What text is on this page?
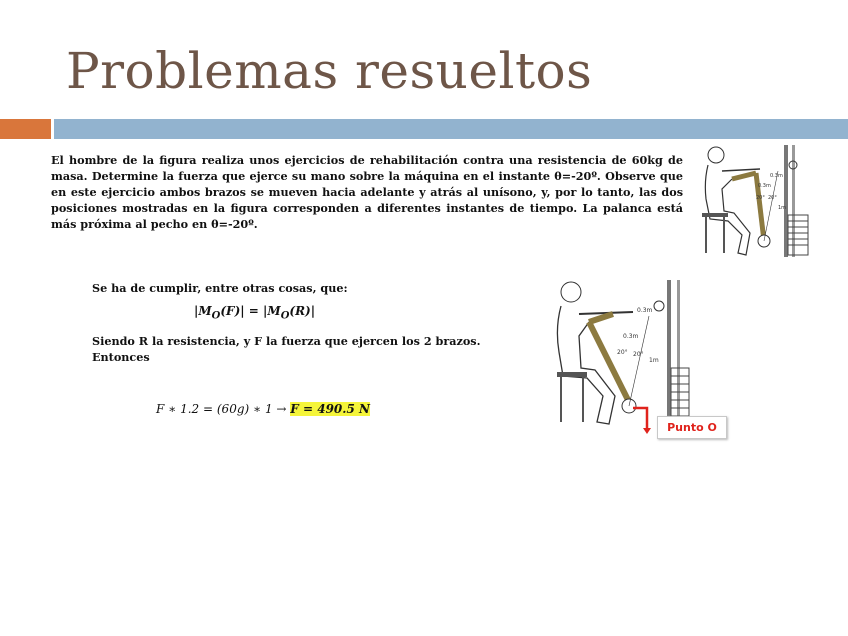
Problemas resueltos
El hombre de la figura realiza unos ejercicios de rehabilitación contra una resistencia de 60kg de masa. Determine la fuerza que ejerce su mano sobre la máquina en el instante θ=-20º. Observe que en este ejercicio ambos brazos se mueven hacia adelante y atrás al unísono, y, por lo tanto, las dos posiciones mostradas en la figura corresponden a diferentes instantes de tiempo. La palanca está más próxima al pecho en θ=-20º.
0.3m
0.3m
20° 20°
1m
Se ha de cumplir, entre otras cosas, que:
$|M_O(F)| = |M_O(R)|$
Siendo R la resistencia, y F la fuerza que ejercen los 2 brazos. Entonces
F ∗ 1.2 = (60g) ∗ 1 → F = 490.5 N
0.3m
0.3m
20° 20°
1m
Punto O
